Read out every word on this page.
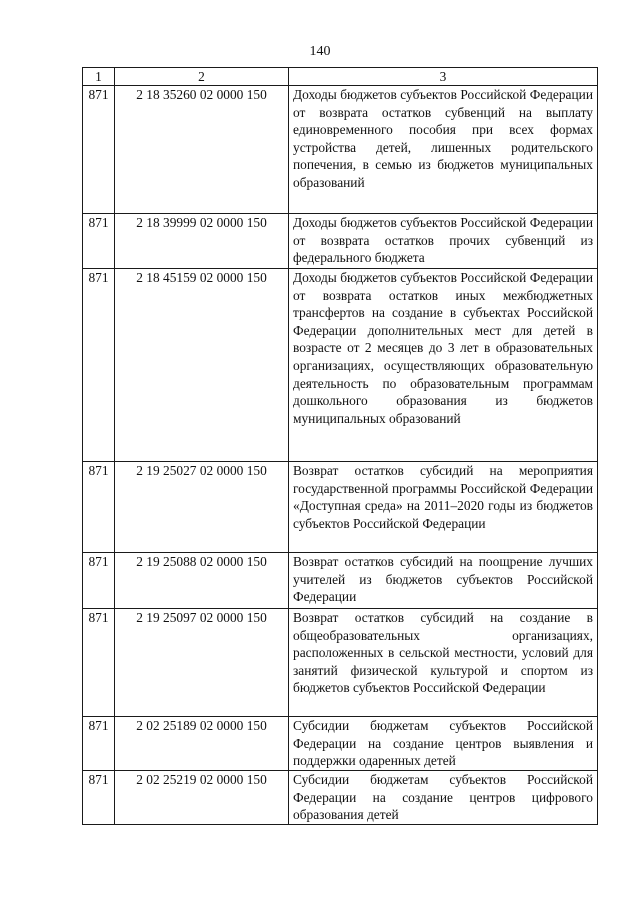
140
1	2	3
871	2 18 35260 02 0000 150	Доходы бюджетов субъектов Российской Федерации от возврата остатков субвенций на выплату единовременного пособия при всех формах устройства детей, лишенных родительского попечения, в семью из бюджетов муниципальных образований
871	2 18 39999 02 0000 150	Доходы бюджетов субъектов Российской Федерации от возврата остатков прочих субвенций из федерального бюджета
871	2 18 45159 02 0000 150	Доходы бюджетов субъектов Российской Федерации от возврата остатков иных межбюджетных трансфертов на создание в субъектах Российской Федерации дополнительных мест для детей в возрасте от 2 месяцев до 3 лет в образовательных организациях, осуществляющих образовательную деятельность по образовательным программам дошкольного образования из бюджетов муниципальных образований
871	2 19 25027 02 0000 150	Возврат остатков субсидий на мероприятия государственной программы Российской Федерации «Доступная среда» на 2011–2020 годы из бюджетов субъектов Российской Федерации
871	2 19 25088 02 0000 150	Возврат остатков субсидий на поощрение лучших учителей из бюджетов субъектов Российской Федерации
871	2 19 25097 02 0000 150	Возврат остатков субсидий на создание в общеобразовательных организациях, расположенных в сельской местности, условий для занятий физической культурой и спортом из бюджетов субъектов Российской Федерации
871	2 02 25189 02 0000 150	Субсидии бюджетам субъектов Российской Федерации на создание центров выявления и поддержки одаренных детей
871	2 02 25219 02 0000 150	Субсидии бюджетам субъектов Российской Федерации на создание центров цифрового образования детей
